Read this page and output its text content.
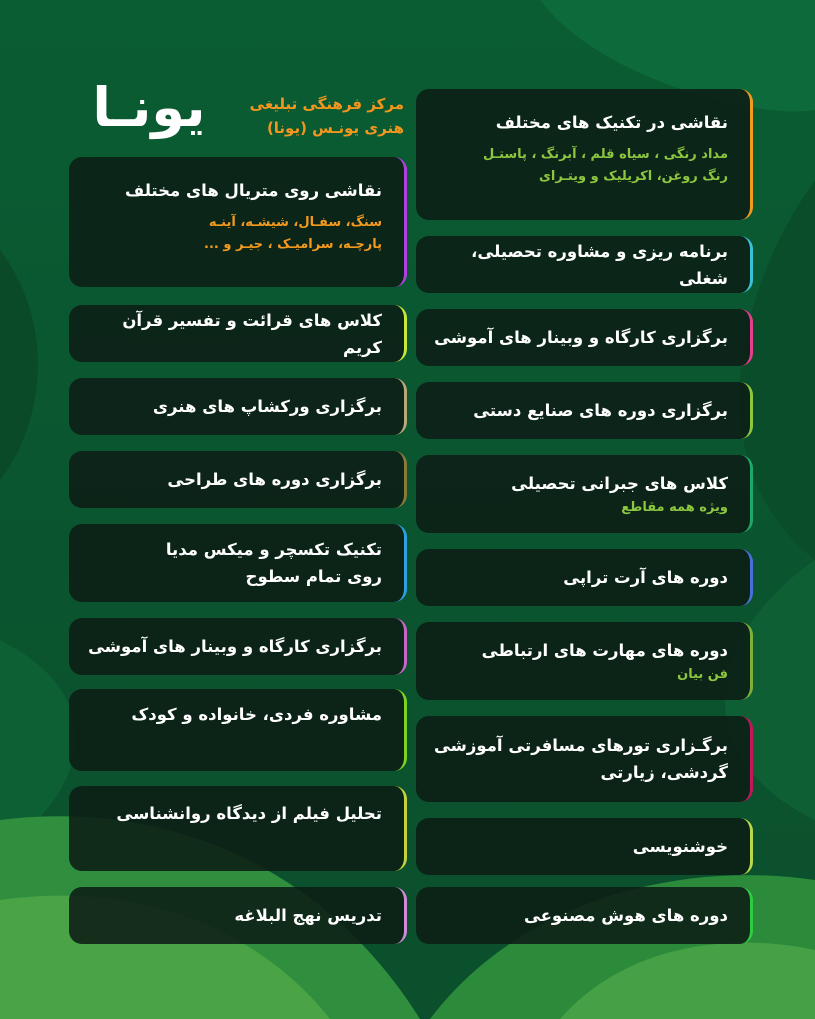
یونـا	مرکز فرهنگی تبلیغی
هنری یونـس (یونا)	نقاشی در تکنیک های مختلف
مداد رنگی ، سیاه قلم ، آبرنگ ، پاستـل
رنگ روغن، اکریلیک و ویتـرای
برنامه ریزی و مشاوره تحصیلی، شغلی
برگزاری کارگاه و وبینار های آموشی
برگزاری دوره های صنایع دستی
کلاس های جبرانی تحصیلی
ویژه همه مقاطع
دوره های آرت تراپی
دوره های مهارت های ارتباطی
فن بیان
برگـزاری تورهای مسافرتی آموزشی
گردشی، زیارتی
خوشنویسی
دوره های هوش مصنوعی
نقاشی روی متریال های مختلف
سنگ، سفـال، شیشـه، آینـه
پارچـه، سرامیـک ، جیـر و ...
کلاس های قرائت و تفسیر قرآن کریم
برگزاری ورکشاپ های هنری
برگزاری دوره های طراحی
تکنیک تکسچر و میکس مدیا
روی تمام سطوح
برگزاری کارگاه و وبینار های آموشی
مشاوره فردی، خانواده و کودک
تحلیل فیلم از دیدگاه روانشناسی
تدریس نهج البلاغه
